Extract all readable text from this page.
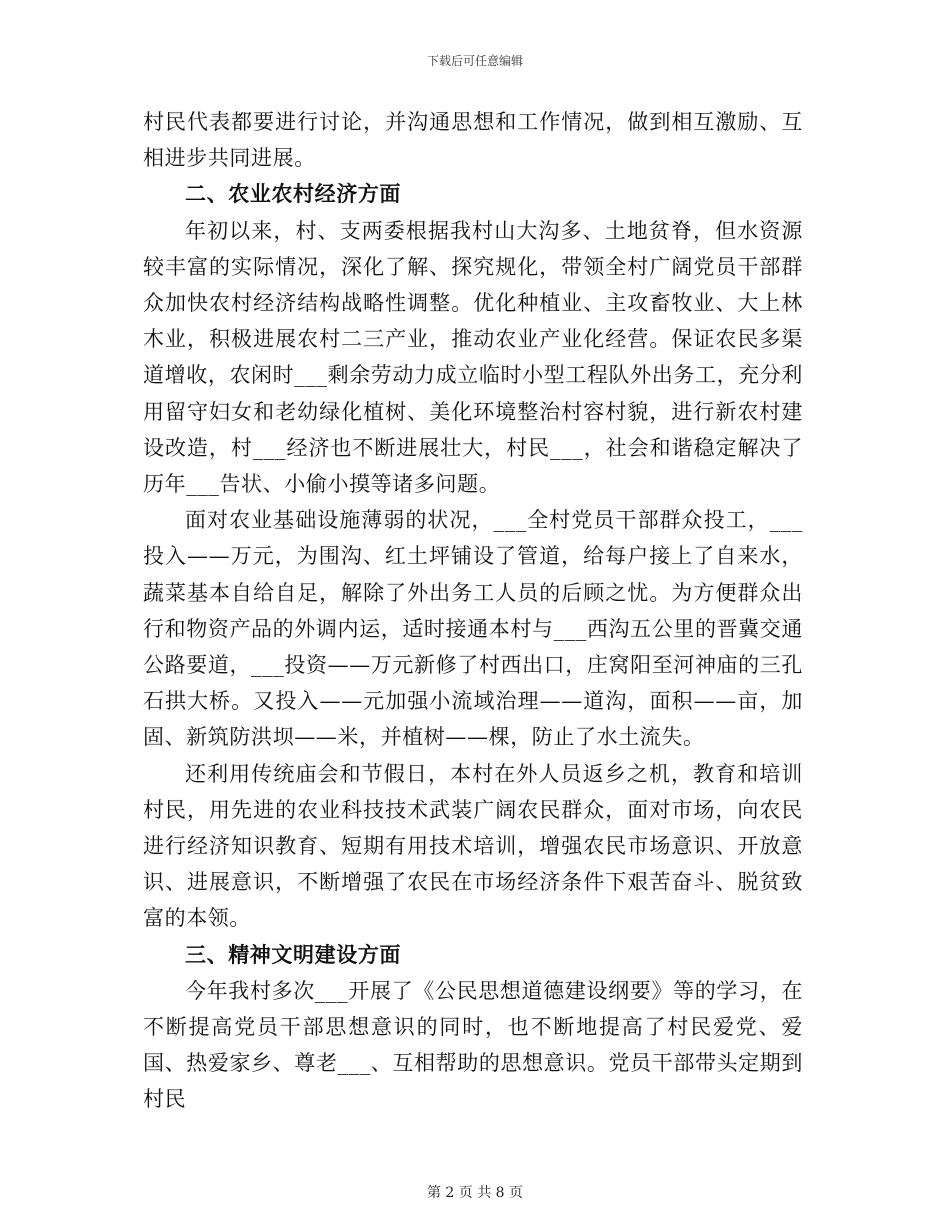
下载后可任意编辑

村民代表都要进行讨论，并沟通思想和工作情况，做到相互激励、互相进步共同进展。

二、农业农村经济方面

年初以来，村、支两委根据我村山大沟多、土地贫脊，但水资源较丰富的实际情况，深化了解、探究规化，带领全村广阔党员干部群众加快农村经济结构战略性调整。优化种植业、主攻畜牧业、大上林木业，积极进展农村二三产业，推动农业产业化经营。保证农民多渠道增收，农闲时___剩余劳动力成立临时小型工程队外出务工，充分利用留守妇女和老幼绿化植树、美化环境整治村容村貌，进行新农村建设改造，村___经济也不断进展壮大，村民___，社会和谐稳定解决了历年___告状、小偷小摸等诸多问题。

面对农业基础设施薄弱的状况，___全村党员干部群众投工，___投入——万元，为围沟、红土坪铺设了管道，给每户接上了自来水，蔬菜基本自给自足，解除了外出务工人员的后顾之忧。为方便群众出行和物资产品的外调内运，适时接通本村与___西沟五公里的晋冀交通公路要道，___投资——万元新修了村西出口，庄窝阳至河神庙的三孔石拱大桥。又投入——元加强小流域治理——道沟，面积——亩，加固、新筑防洪坝——米，并植树——棵，防止了水土流失。

还利用传统庙会和节假日，本村在外人员返乡之机，教育和培训村民，用先进的农业科技技术武装广阔农民群众，面对市场，向农民进行经济知识教育、短期有用技术培训，增强农民市场意识、开放意识、进展意识，不断增强了农民在市场经济条件下艰苦奋斗、脱贫致富的本领。

三、精神文明建设方面

今年我村多次___开展了《公民思想道德建设纲要》等的学习，在不断提高党员干部思想意识的同时，也不断地提高了村民爱党、爱国、热爱家乡、尊老___、互相帮助的思想意识。党员干部带头定期到村民

第 2 页 共 8 页
